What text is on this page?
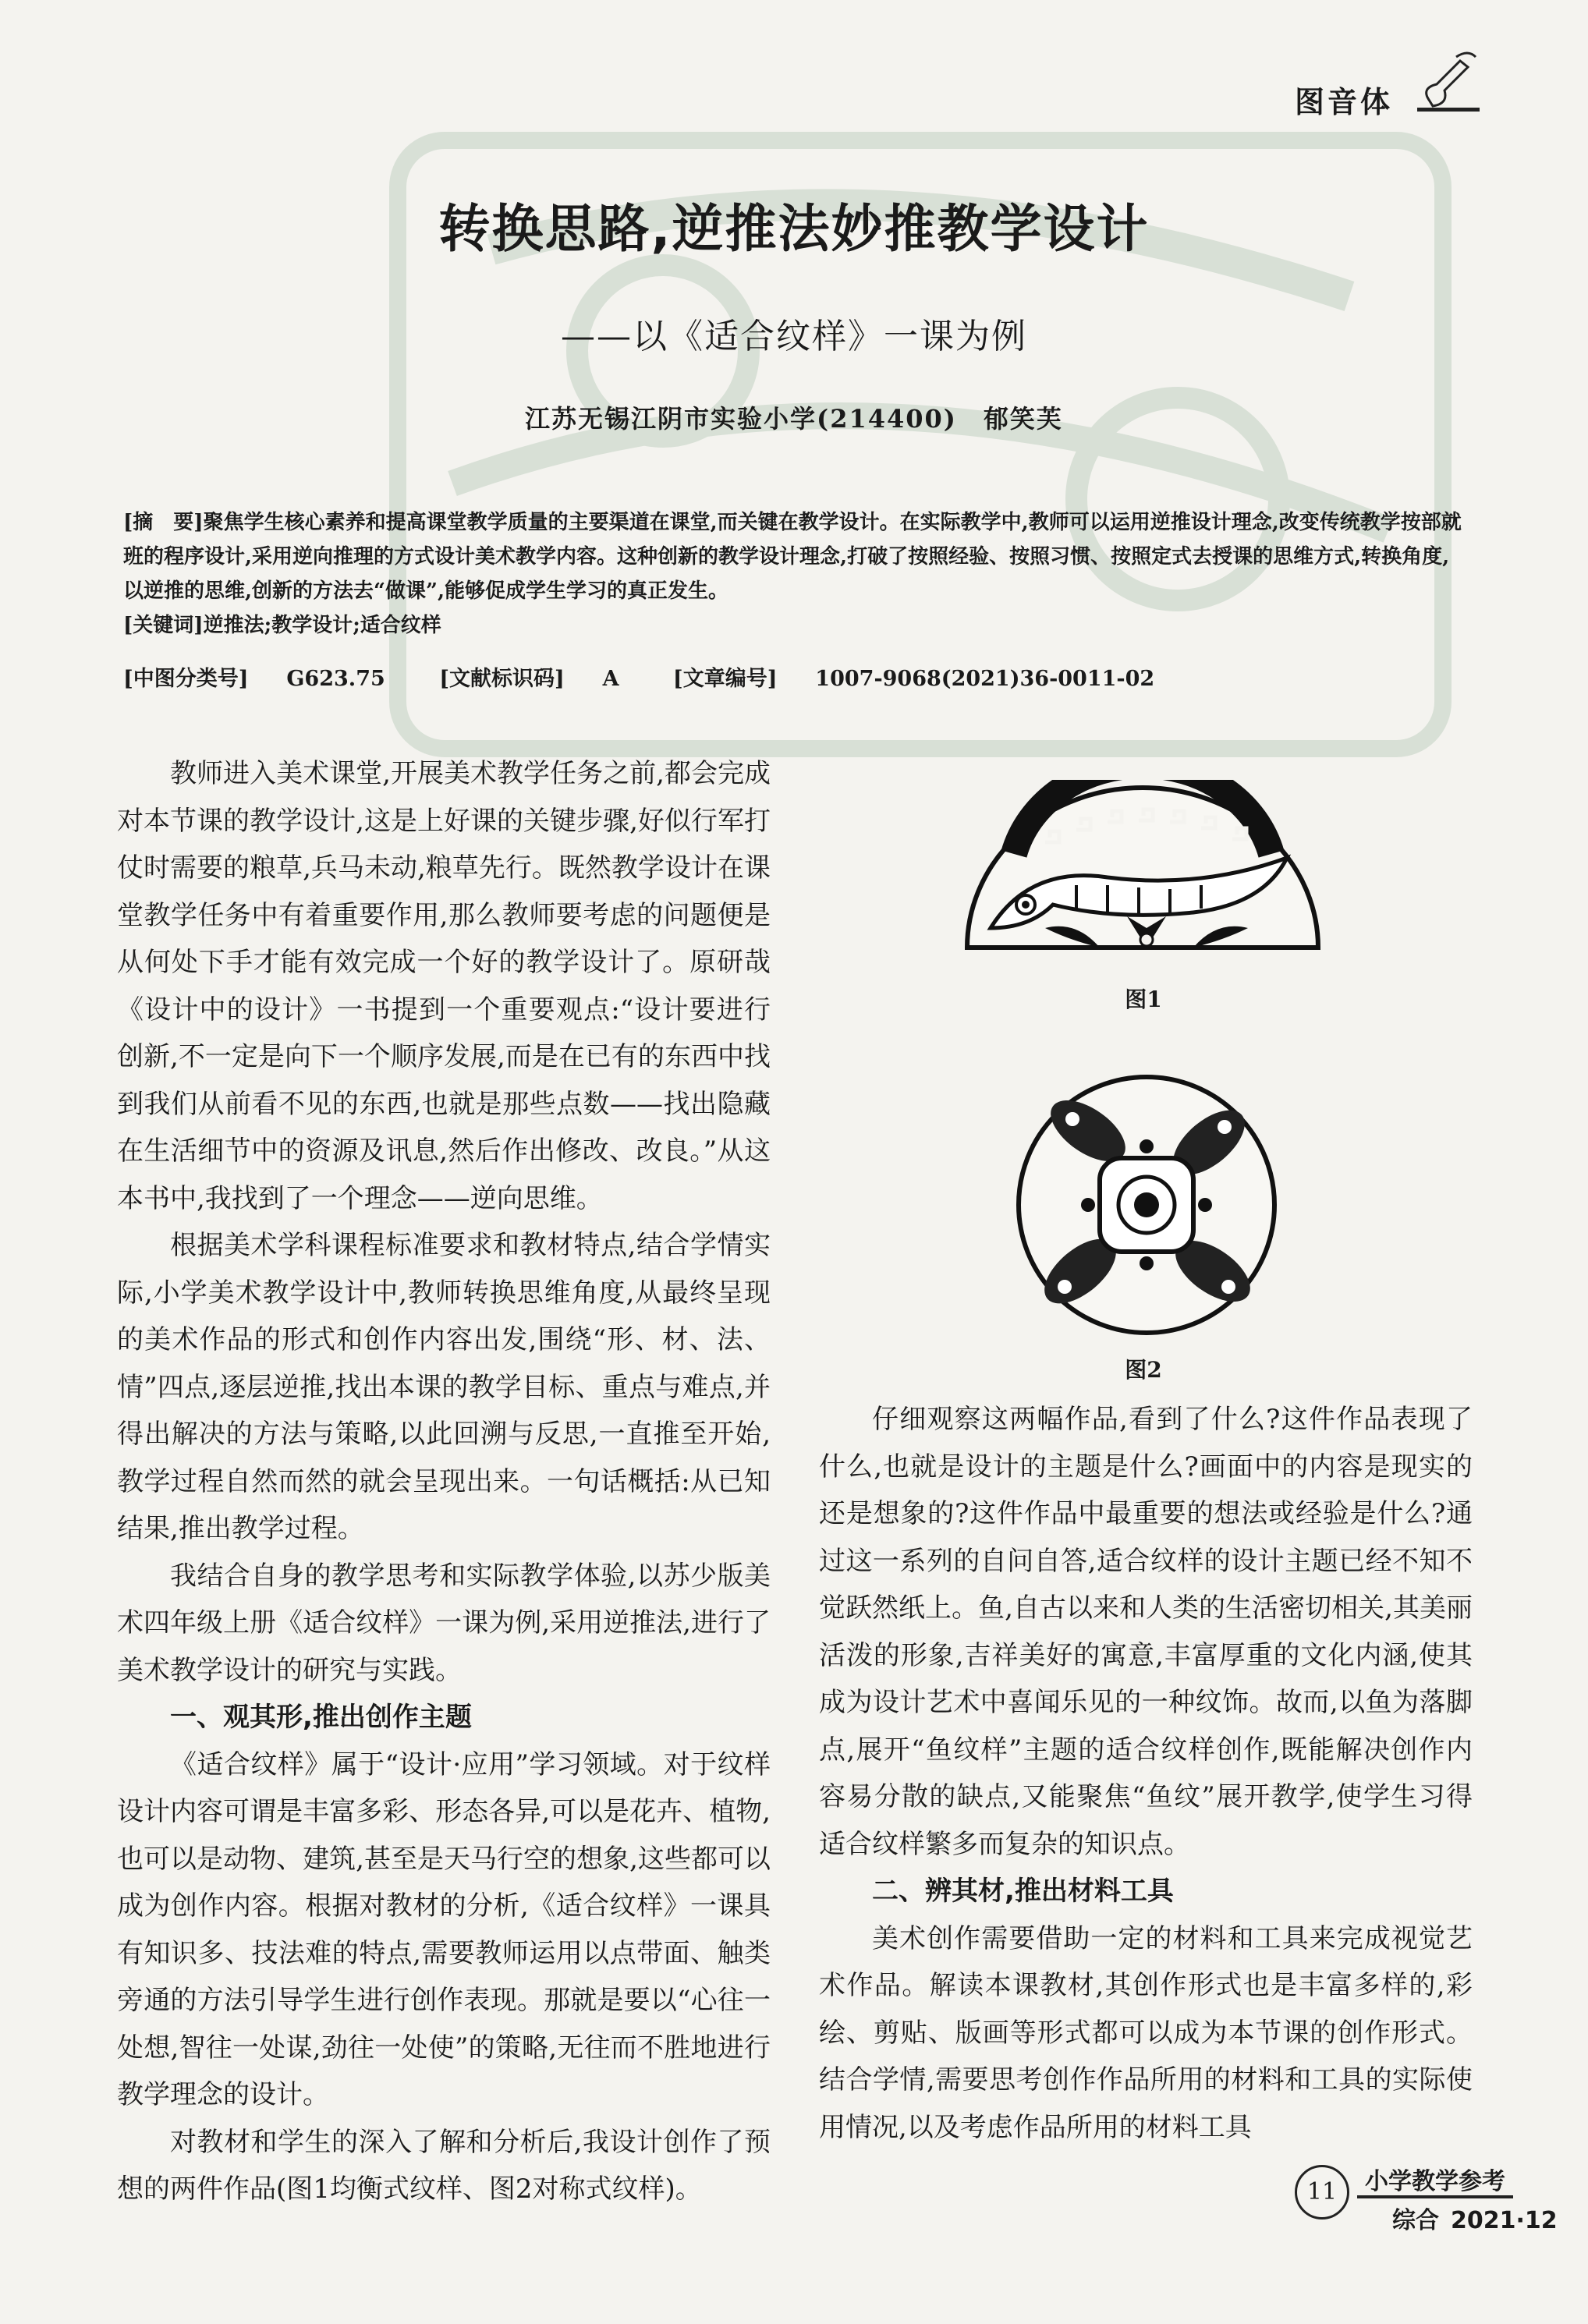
图音体
转换思路,逆推法妙推教学设计
——以《适合纹样》一课为例
江苏无锡江阴市实验小学(214400)　郁笑芙

[摘　要]聚焦学生核心素养和提高课堂教学质量的主要渠道在课堂,而关键在教学设计。在实际教学中,教师可以运用逆推设计理念,改变传统教学按部就班的程序设计,采用逆向推理的方式设计美术教学内容。这种创新的教学设计理念,打破了按照经验、按照习惯、按照定式去授课的思维方式,转换角度,以逆推的思维,创新的方法去“做课”,能够促成学生学习的真正发生。

[关键词]逆推法;教学设计;适合纹样

[中图分类号] G623.75	[文献标识码] A	[文章编号] 1007-9068(2021)36-0011-02

教师进入美术课堂,开展美术教学任务之前,都会完成对本节课的教学设计,这是上好课的关键步骤,好似行军打仗时需要的粮草,兵马未动,粮草先行。既然教学设计在课堂教学任务中有着重要作用,那么教师要考虑的问题便是从何处下手才能有效完成一个好的教学设计了。原研哉《设计中的设计》一书提到一个重要观点:“设计要进行创新,不一定是向下一个顺序发展,而是在已有的东西中找到我们从前看不见的东西,也就是那些点数——找出隐藏在生活细节中的资源及讯息,然后作出修改、改良。”从这本书中,我找到了一个理念——逆向思维。

根据美术学科课程标准要求和教材特点,结合学情实际,小学美术教学设计中,教师转换思维角度,从最终呈现的美术作品的形式和创作内容出发,围绕“形、材、法、情”四点,逐层逆推,找出本课的教学目标、重点与难点,并得出解决的方法与策略,以此回溯与反思,一直推至开始,教学过程自然而然的就会呈现出来。一句话概括:从已知结果,推出教学过程。

我结合自身的教学思考和实际教学体验,以苏少版美术四年级上册《适合纹样》一课为例,采用逆推法,进行了美术教学设计的研究与实践。

一、观其形,推出创作主题

《适合纹样》属于“设计·应用”学习领域。对于纹样设计内容可谓是丰富多彩、形态各异,可以是花卉、植物,也可以是动物、建筑,甚至是天马行空的想象,这些都可以成为创作内容。根据对教材的分析,《适合纹样》一课具有知识多、技法难的特点,需要教师运用以点带面、触类旁通的方法引导学生进行创作表现。那就是要以“心往一处想,智往一处谋,劲往一处使”的策略,无往而不胜地进行教学理念的设计。

对教材和学生的深入了解和分析后,我设计创作了预想的两件作品(图1均衡式纹样、图2对称式纹样)。

图1
图2

仔细观察这两幅作品,看到了什么?这件作品表现了什么,也就是设计的主题是什么?画面中的内容是现实的还是想象的?这件作品中最重要的想法或经验是什么?通过这一系列的自问自答,适合纹样的设计主题已经不知不觉跃然纸上。鱼,自古以来和人类的生活密切相关,其美丽活泼的形象,吉祥美好的寓意,丰富厚重的文化内涵,使其成为设计艺术中喜闻乐见的一种纹饰。故而,以鱼为落脚点,展开“鱼纹样”主题的适合纹样创作,既能解决创作内容易分散的缺点,又能聚焦“鱼纹”展开教学,使学生习得适合纹样繁多而复杂的知识点。

二、辨其材,推出材料工具

美术创作需要借助一定的材料和工具来完成视觉艺术作品。解读本课教材,其创作形式也是丰富多样的,彩绘、剪贴、版画等形式都可以成为本节课的创作形式。结合学情,需要思考创作作品所用的材料和工具的实际使用情况,以及考虑作品所用的材料工具

11	小学教学参考
综合 2021·12
